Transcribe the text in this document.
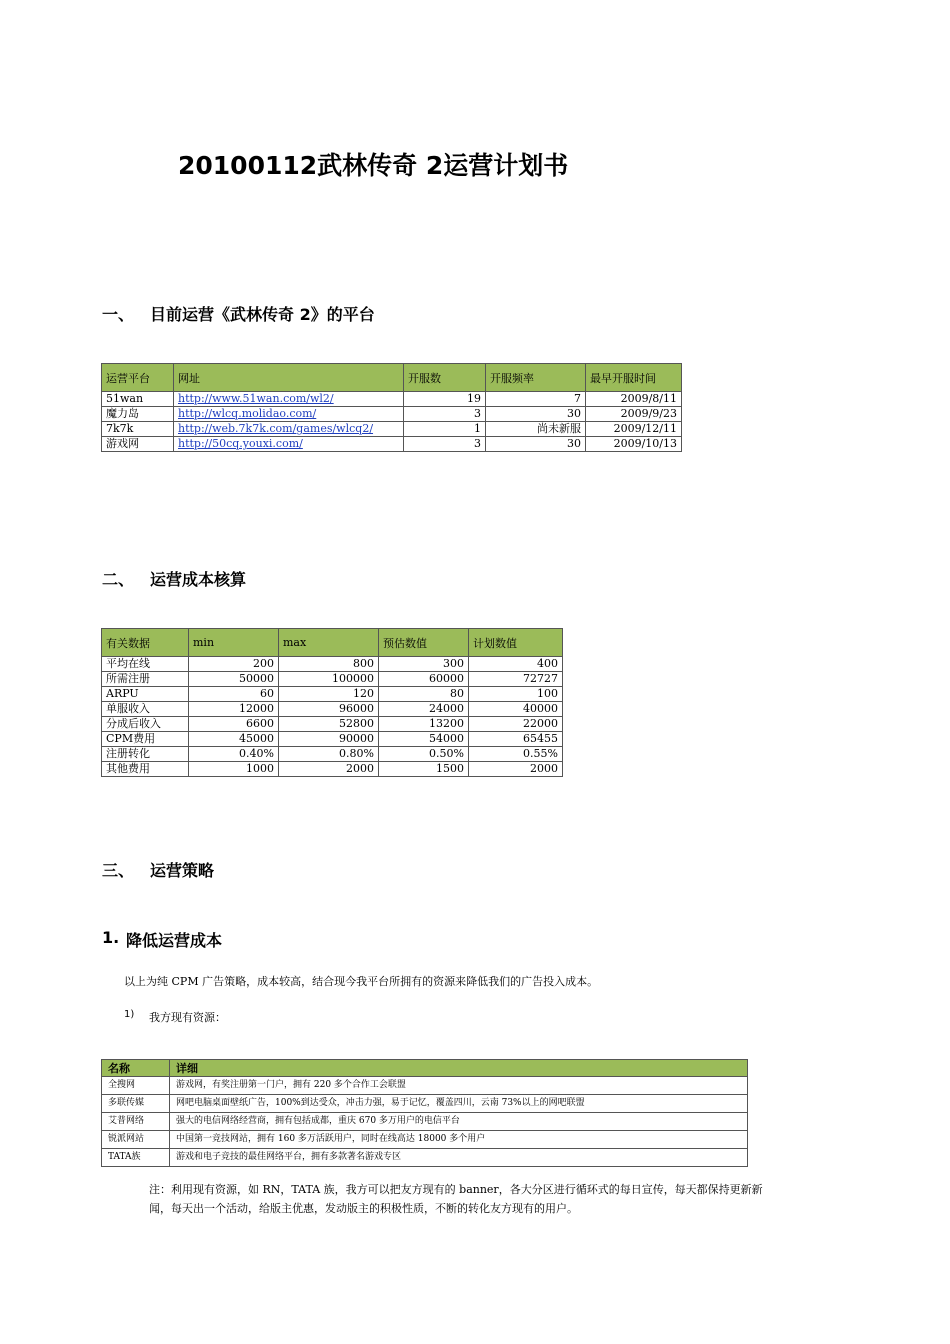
20100112武林传奇 2运营计划书
一、 目前运营《武林传奇 2》的平台
运营平台	网址	开服数	开服频率	最早开服时间
51wan	http://www.51wan.com/wl2/	19	7	2009/8/11
魔力岛	http://wlcq.molidao.com/	3	30	2009/9/23
7k7k	http://web.7k7k.com/games/wlcq2/	1	尚未新服	2009/12/11
游戏网	http://50cq.youxi.com/	3	30	2009/10/13
二、 运营成本核算
有关数据	min	max	预估数值	计划数值
平均在线	200	800	300	400
所需注册	50000	100000	60000	72727
ARPU	60	120	80	100
单服收入	12000	96000	24000	40000
分成后收入	6600	52800	13200	22000
CPM费用	45000	90000	54000	65455
注册转化	0.40%	0.80%	0.50%	0.55%
其他费用	1000	2000	1500	2000
三、 运营策略
1. 降低运营成本
以上为纯 CPM 广告策略，成本较高，结合现今我平台所拥有的资源来降低我们的广告投入成本。
1) 我方现有资源：
名称	详细
全搜网	游戏网，有奖注册第一门户，拥有 220 多个合作工会联盟
多联传媒	网吧电脑桌面壁纸广告，100%到达受众，冲击力强，易于记忆，覆盖四川，云南 73%以上的网吧联盟
艾普网络	强大的电信网络经营商，拥有包括成都，重庆 670 多万用户的电信平台
锐派网站	中国第一竞技网站，拥有 160 多万活跃用户，同时在线高达 18000 多个用户
TATA族	游戏和电子竞技的最佳网络平台，拥有多款著名游戏专区
注：利用现有资源，如 RN，TATA 族，我方可以把友方现有的 banner，各大分区进行循环式的每日宣传，每天都保持更新新闻，每天出一个活动，给版主优惠，发动版主的积极性质，不断的转化友方现有的用户。
